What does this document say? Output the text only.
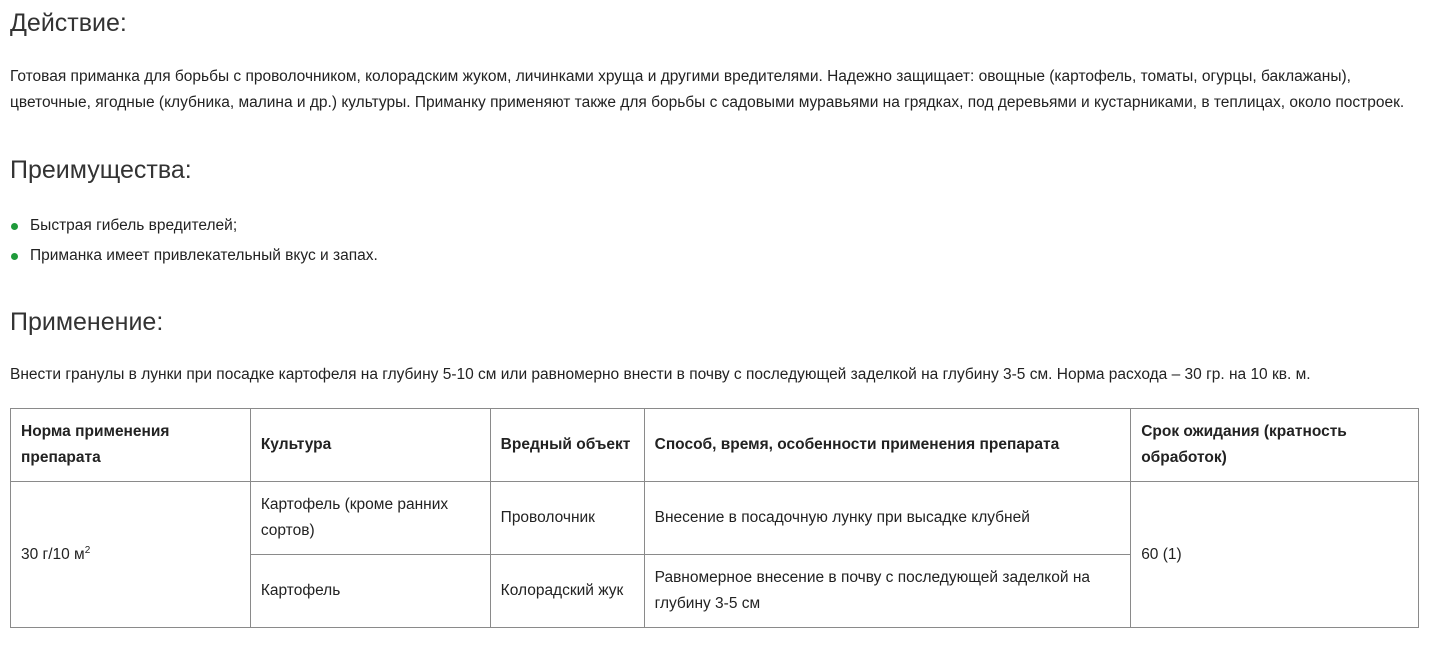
Действие:

Готовая приманка для борьбы с проволочником, колорадским жуком, личинками хруща и другими вредителями. Надежно защищает: овощные (картофель, томаты, огурцы, баклажаны), цветочные, ягодные (клубника, малина и др.) культуры. Приманку применяют также для борьбы с садовыми муравьями на грядках, под деревьями и кустарниками, в теплицах, около построек.

Преимущества:
Быстрая гибель вредителей;
Приманка имеет привлекательный вкус и запах.
Применение:

Внести гранулы в лунки при посадке картофеля на глубину 5-10 см или равномерно внести в почву с последующей заделкой на глубину 3-5 см. Норма расхода – 30 гр. на 10 кв. м.

Норма применения препарата	Культура	Вредный объект	Способ, время, особенности применения препарата	Срок ожидания (кратность обработок)
30 г/10 $м^2$	Картофель (кроме ранних сортов)	Проволочник	Внесение в посадочную лунку при высадке клубней	60 (1)
	Картофель	Колорадский жук	Равномерное внесение в почву с последующей заделкой на глубину 3-5 см	
